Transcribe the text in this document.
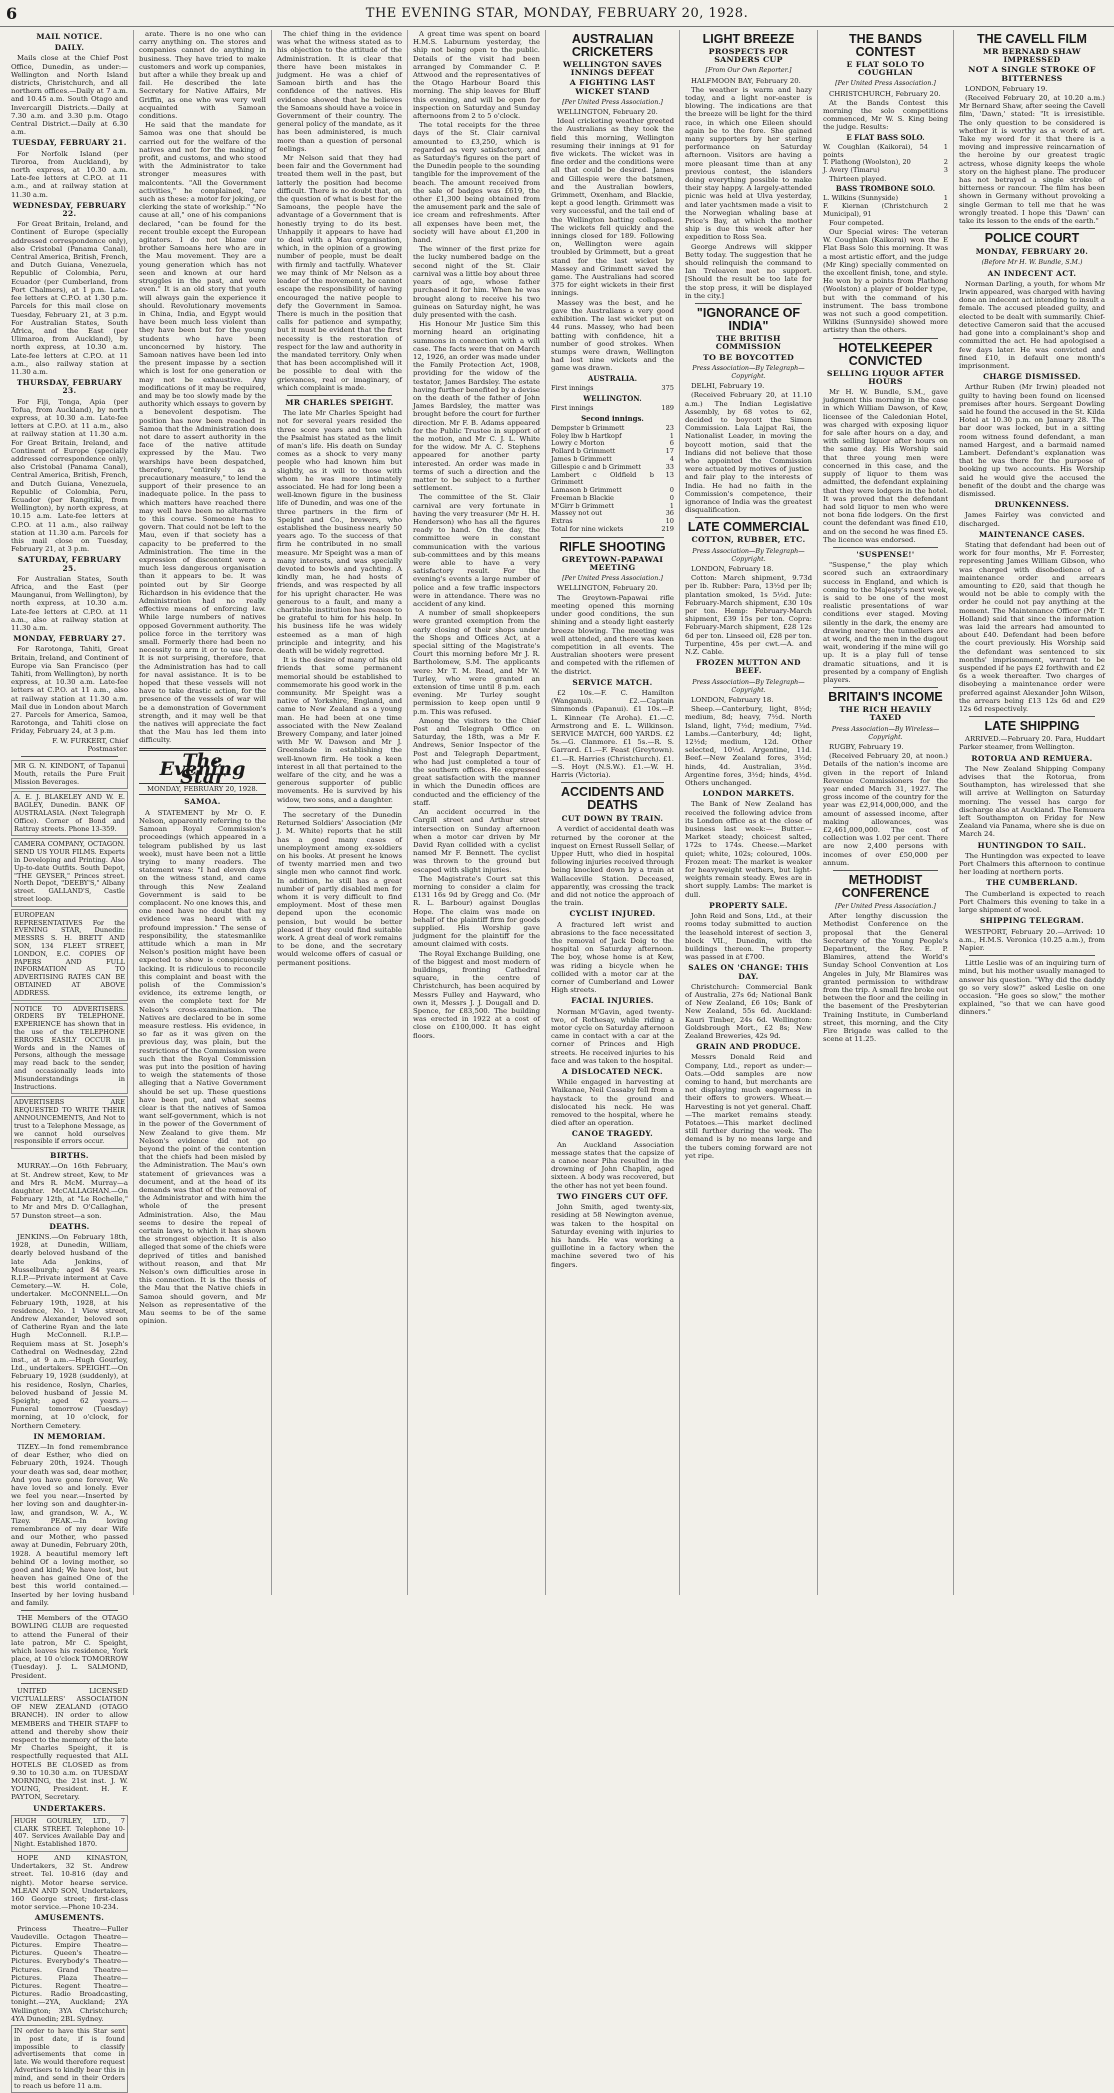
6	THE EVENING STAR, MONDAY, FEBRUARY 20, 1928.
MAIL NOTICE.
DAILY.

Mails close at the Chief Post Office, Dunedin, as under:— Wellington and North Island districts, Christchurch, and all northern offices.—Daily at 7 a.m. and 10.45 a.m. South Otago and Invercargill Districts.—Daily at 7.30 a.m. and 3.30 p.m. Otago Central District.—Daily at 6.30 a.m.

TUESDAY, FEBRUARY 21.

For Norfolk Island (per Tiroroa, from Auckland), by north express, at 10.30 a.m. Late-fee letters at C.P.O. at 11 a.m., and at railway station at 11.30 a.m.

WEDNESDAY, FEBRUARY 22.

For Great Britain, Ireland, and Continent of Europe (specially addressed correspondence only), also Cristobal (Panama Canal), Central America, British, French, and Dutch Guiana, Venezuela, Republic of Colombia, Peru, Ecuador (per Cumberland, from Port Chalmers), at 1 p.m. Late-fee letters at C.P.O. at 1.30 p.m. Parcels for this mail close on Tuesday, February 21, at 3 p.m. For Australian States, South Africa, and the East (per Ulimaroa, from Auckland), by north express, at 10.30 a.m. Late-fee letters at C.P.O. at 11 a.m., also railway station at 11.30 a.m.

THURSDAY, FEBRUARY 23.

For Fiji, Tonga, Apia (per Tofua, from Auckland), by north express, at 10.30 a.m. Late-fee letters at C.P.O. at 11 a.m., also at railway station at 11.30 a.m. For Great Britain, Ireland, and Continent of Europe (specially addressed correspondence only), also Cristobal (Panama Canal), Central America, British, French, and Dutch Guiana, Venezuela, Republic of Colombia, Peru, Ecuador (per Rangitiki, from Wellington), by north express, at 10.15 a.m. Late-fee letters at C.P.O. at 11 a.m., also railway station at 11.30 a.m. Parcels for this mail close on Tuesday, February 21, at 3 p.m.

SATURDAY, FEBRUARY 25.

For Australian States, South Africa, and the East (per Maunganui, from Wellington), by north express, at 10.30 a.m. Late-fee letters at C.P.O. at 11 a.m., also at railway station at 11.30 a.m.

MONDAY, FEBRUARY 27.

For Rarotonga, Tahiti, Great Britain, Ireland, and Continent of Europe via San Francisco (per Tahiti, from Wellington), by north express, at 10.30 a.m. Late-fee letters at C.P.O. at 11 a.m., also at railway station at 11.30 a.m. Mail due in London about March 27. Parcels for America, Samoa, Rarotonga, and Tahiti close on Friday, February 24, at 3 p.m.

F. W. FURKERT, Chief Postmaster.

MR G. N. KINDONT, of Tapanui Mouth, retails the Pure Fruit Mission Beverages.
A. E. J. BLAKELEY AND W. E. BAGLEY, Dunedin. BANK OF AUSTRALASIA. (Next Telegraph Office). Corner of Bond and Rattray streets. Phone 13-359.
CAMERA COMPANY, OCTAGON. SEND US YOUR FILMS. Experts in Developing and Printing. Also Up-to-date Outfits. South Depot, "THE GEYSER," Princes street. North Depot, "DEEBY'S," Albany street. GALLAND'S, Castle street loop.
EUROPEAN REPRESENTATIVES For the EVENING STAR, Dunedin: MESSRS S. H. BRETT AND SON, 134 FLEET STREET, LONDON, E.C. COPIES OF PAPERS AND FULL INFORMATION AS TO ADVERTISING RATES CAN BE OBTAINED AT ABOVE ADDRESS.
NOTICE TO ADVERTISERS. ORDERS BY TELEPHONE. EXPERIENCE has shown that in the use of the TELEPHONE ERRORS EASILY OCCUR in Words and in the Names of Persons, although the message may read back to the sender, and occasionally leads into Misunderstandings in Instructions.
ADVERTISERS ARE REQUESTED TO WRITE THEIR ANNOUNCEMENTS, And Not to trust to a Telephone Message, as we cannot hold ourselves responsible if errors occur.
BIRTHS.

MURRAY.—On 16th February, at St. Andrew street, Kew, to Mr and Mrs R. McM. Murray—a daughter. McCALLAGHAN.—On February 12th, at "Le Rochelle," to Mr and Mrs D. O'Callaghan, 57 Dunston street—a son.

DEATHS.

JENKINS.—On February 18th, 1928, at Dunedin, William, dearly beloved husband of the late Ada Jenkins, of Musselburgh; aged 84 years. R.I.P.—Private interment at Cave Cemetery.—W. H. Cole, undertaker. McCONNELL.—On February 19th, 1928, at his residence, No. 1 View street, Andrew Alexander, beloved son of Catherine Ryan and the late Hugh McConnell. R.I.P.—Requiem mass at St. Joseph's Cathedral on Wednesday, 22nd inst., at 9 a.m.—Hugh Gourley, Ltd., undertakers. SPEIGHT.—On February 19, 1928 (suddenly), at his residence, Roslyn, Charles, beloved husband of Jessie M. Speight; aged 62 years.—Funeral tomorrow (Tuesday) morning, at 10 o'clock, for Northern Cemetery.

IN MEMORIAM.

TIZEY.—In fond remembrance of dear Esther, who died on February 20th, 1924. Though your death was sad, dear mother, And you have gone forever, We have loved so and lonely. Ever we feel you near.—Inserted by her loving son and daughter-in-law, and grandson, W. A., W. Tizey. PEAK.—In loving remembrance of my dear Wife and our Mother, who passed away at Dunedin, February 20th, 1928. A beautiful memory left behind Of a loving mother, so good and kind; We have lost, but heaven has gained One of the best this world contained.—Inserted by her loving husband and family.

THE Members of the OTAGO BOWLING CLUB are requested to attend the Funeral of their late patron, Mr C. Speight, which leaves his residence, York place, at 10 o'clock TOMORROW (Tuesday). J. L. SALMOND, President.

UNITED LICENSED VICTUALLERS' ASSOCIATION OF NEW ZEALAND (OTAGO BRANCH). IN order to allow MEMBERS and THEIR STAFF to attend and thereby show their respect to the memory of the late Mr Charles Speight, it is respectfully requested that ALL HOTELS BE CLOSED as from 9.30 to 10.30 a.m. on TUESDAY MORNING, the 21st inst. J. W. YOUNG, President. H. F. PAYTON, Secretary.

UNDERTAKERS.
HUGH GOURLEY, LTD., 7 CLARK STREET. Telephone 10-407. Services Available Day and Night. Established 1870.

HOPE AND KINASTON, Undertakers, 32 St. Andrew street. Tel. 10-816 (day and night). Motor hearse service. MLEAN AND SON, Undertakers, 160 George street; first-class motor service.—Phone 10-234.

AMUSEMENTS.

Princess Theatre—Fuller Vaudeville. Octagon Theatre—Pictures. Empire Theatre—Pictures. Queen's Theatre—Pictures. Everybody's Theatre—Pictures. Grand Theatre—Pictures. Plaza Theatre—Pictures. Regent Theatre—Pictures. Radio Broadcasting, tonight.—2YA, Auckland; 2YA Wellington; 3YA Christchurch; 4YA Dunedin; 2BL Sydney.

IN order to have this Star sent in post date, if is found impossible to classify advertisements that come in late. We would therefore request Advertisers to kindly bear this in mind, and send in their Orders to reach us before 11 a.m.

arate. There is no one who can carry anything on. The stores and companies cannot do anything in business. They have tried to make customers and work up companies, but after a while they break up and fail. He described the late Secretary for Native Affairs, Mr Griffin, as one who was very well acquainted with Samoan conditions.

He said that the mandate for Samoa was one that should be carried out for the welfare of the natives and not for the making of profit, and customs, and who stood with the Administrator to take stronger measures with malcontents. "All the Government activities," he complained, "are such as these: a motor for joking, or clerking the state of workship." "No cause at all," one of his companions declared, "can be found for the recent trouble except the European agitators. I do not blame our brother Samoans here who are in the Mau movement. They are a young generation which has not seen and known at our hard struggles in the past, and were even." It is an old story that youth will always gain the experience it should. Revolutionary movements in China, India, and Egypt would have been much less violent than they have been but for the young students who have been unconcerned by history. The Samoan natives have been led into the present impasse by a section which is lost for one generation or may not be exhaustive. Any modifications of it may be required, and may be too slowly made by the authority which essays to govern by a benevolent despotism. The position has now been reached in Samoa that the Administration does not dare to assert authority in the face of the native attitude expressed by the Mau. Two warships have been despatched, therefore, "entirely as a precautionary measure," to lend the support of their presence to an inadequate police. In the pass to which matters have reached there may well have been no alternative to this course. Someone has to govern. That could not be left to the Mau, even if that society has a capacity to be preferred to the Administration. The time in the expression of discontent were a much less dangerous organisation than it appears to be. It was pointed out by Sir George Richardson in his evidence that the Administration had no really effective means of enforcing law. While large numbers of natives opposed Government authority. The police force in the territory was small. Formerly there had been no necessity to arm it or to use force. It is not surprising, therefore, that the Administration has had to call for naval assistance. It is to be hoped that these vessels will not have to take drastic action, for the presence of the vessels of war will be a demonstration of Government strength, and it may well be that the natives will appreciate the fact that the Mau has led them into difficulty.

The Evening Star
MONDAY, FEBRUARY 20, 1928.
SAMOA.

A STATEMENT by Mr O. F. Nelson, apparently referring to the Samoan Royal Commission's proceedings (which appeared in a telegram published by us last week), must have been not a little trying to many readers. The statement was: "I had eleven days on the witness stand, and came through this New Zealand Government is said to be complacent. No one knows this, and one need have no doubt that my evidence was heard with a profound impression." The sense of responsibility, the statesmanlike attitude which a man in Mr Nelson's position might have been expected to show is conspicuously lacking. It is ridiculous to reconcile this complaint and boast with the polish of the Commission's evidence, its extreme length, or even the complete text for Mr Nelson's cross-examination. The Natives are declared to be in some measure restless. His evidence, in so far as it was given on the previous day, was plain, but the restrictions of the Commission were such that the Royal Commission was put into the position of having to weigh the statements of those alleging that a Native Government should be set up. These questions have been put, and what seems clear is that the natives of Samoa want self-government, which is not in the power of the Government of New Zealand to give them. Mr Nelson's evidence did not go beyond the point of the contention that the chiefs had been misled by the Administration. The Mau's own statement of grievances was a document, and at the head of its demands was that of the removal of the Administrator and with him the whole of the present Administration. Also, the Mau seems to desire the repeal of certain laws, to which it has shown the strongest objection. It is also alleged that some of the chiefs were deprived of titles and banished without reason, and that Mr Nelson's own difficulties arose in this connection. It is the thesis of the Mau that the Native chiefs in Samoa should govern, and Mr Nelson as representative of the Mau seems to be of the same opinion.

The chief thing in the evidence was what the witness stated as to his objection to the attitude of the Administration. It is clear that there have been mistakes in judgment. He was a chief of Samoan birth and has the confidence of the natives. His evidence showed that he believes the Samoans should have a voice in Government of their country. The general policy of the mandate, as it has been administered, is much more than a question of personal feelings.

Mr Nelson said that they had been fair and the Government had treated them well in the past, but latterly the position had become difficult. There is no doubt that, on the question of what is best for the Samoans, the people have the advantage of a Government that is honestly trying to do its best. Unhappily it appears to have had to deal with a Mau organisation, which, in the opinion of a growing number of people, must be dealt with firmly and tactfully. Whatever we may think of Mr Nelson as a leader of the movement, he cannot escape the responsibility of having encouraged the native people to defy the Government in Samoa. There is much in the position that calls for patience and sympathy, but it must be evident that the first necessity is the restoration of respect for the law and authority in the mandated territory. Only when that has been accomplished will it be possible to deal with the grievances, real or imaginary, of which complaint is made.

MR CHARLES SPEIGHT.

The late Mr Charles Speight had not for several years resided the three score years and ten which the Psalmist has stated as the limit of man's life. His death on Sunday comes as a shock to very many people who had known him but slightly, as it will to those with whom he was more intimately associated. He had for long been a well-known figure in the business life of Dunedin, and was one of the three partners in the firm of Speight and Co., brewers, who established the business nearly 50 years ago. To the success of that firm he contributed in no small measure. Mr Speight was a man of many interests, and was specially devoted to bowls and yachting. A kindly man, he had hosts of friends, and was respected by all for his upright character. He was generous to a fault, and many a charitable institution has reason to be grateful to him for his help. In his business life he was widely esteemed as a man of high principle and integrity, and his death will be widely regretted.

It is the desire of many of his old friends that some permanent memorial should be established to commemorate his good work in the community. Mr Speight was a native of Yorkshire, England, and came to New Zealand as a young man. He had been at one time associated with the New Zealand Brewery Company, and later joined with Mr W. Dawson and Mr J. Greenslade in establishing the well-known firm. He took a keen interest in all that pertained to the welfare of the city, and he was a generous supporter of public movements. He is survived by his widow, two sons, and a daughter.

The secretary of the Dunedin Returned Soldiers' Association (Mr J. M. White) reports that he still has a good many cases of unemployment among ex-soldiers on his books. At present he knows of twenty married men and two single men who cannot find work. In addition, he still has a great number of partly disabled men for whom it is very difficult to find employment. Most of these men depend upon the economic pension, but would be better pleased if they could find suitable work. A great deal of work remains to be done, and the secretary would welcome offers of casual or permanent positions.

A great time was spent on board H.M.S. Laburnum yesterday, the ship not being open to the public. Details of the visit had been arranged by Commander C. P. Attwood and the representatives of the Otago Harbour Board this morning. The ship leaves for Bluff this evening, and will be open for inspection on Saturday and Sunday afternoons from 2 to 5 o'clock.

The total receipts for the three days of the St. Clair carnival amounted to £3,250, which is regarded as very satisfactory, and as Saturday's figures on the part of the Dunedin people to the sounding tangible for the improvement of the beach. The amount received from the sale of badges was £619, the other £1,300 being obtained from the amusement park and the sale of ice cream and refreshments. After all expenses have been met, the society will have about £1,200 in hand.

The winner of the first prize for the lucky numbered badge on the second night of the St. Clair carnival was a little boy about three years of age, whose father purchased it for him. When he was brought along to receive his two guineas on Saturday night, he was duly presented with the cash.

His Honour Mr Justice Sim this morning heard an originating summons in connection with a will case. The facts were that on March 12, 1926, an order was made under the Family Protection Act, 1908, providing for the widow of the testator, James Bardsley. The estate having further benefited by a devise on the death of the father of John James Bardsley, the matter was brought before the court for further direction. Mr F. B. Adams appeared for the Public Trustee in support of the motion, and Mr C. J. L. White for the widow. Mr A. C. Stephens appeared for another party interested. An order was made in terms of such a direction and the matter to be subject to a further settlement.

The committee of the St. Clair carnival are very fortunate in having the very treasurer (Mr H. H. Henderson) who has all the figures ready to hand. On the day, the committee were in constant communication with the various sub-committees and by this means were able to have a very satisfactory result. For the evening's events a large number of police and a few traffic inspectors were in attendance. There was no accident of any kind.

A number of small shopkeepers were granted exemption from the early closing of their shops under the Shops and Offices Act, at a special sitting of the Magistrate's Court this morning before Mr J. R. Bartholomew, S.M. The applicants were: Mr T. M. Read, and Mr W. Turley, who were granted an extension of time until 8 p.m. each evening. Mr Turley sought permission to keep open until 9 p.m. This was refused.

Among the visitors to the Chief Post and Telegraph Office on Saturday, the 18th, was a Mr F. Andrews, Senior Inspector of the Post and Telegraph Department, who had just completed a tour of the southern offices. He expressed great satisfaction with the manner in which the Dunedin offices are conducted and the efficiency of the staff.

An accident occurred in the Cargill street and Arthur street intersection on Sunday afternoon when a motor car driven by Mr David Ryan collided with a cyclist named Mr F. Bennett. The cyclist was thrown to the ground but escaped with slight injuries.

The Magistrate's Court sat this morning to consider a claim for £131 16s 9d by Gregg and Co. (Mr R. L. Barbour) against Douglas Hope. The claim was made on behalf of the plaintiff firm for goods supplied. His Worship gave judgment for the plaintiff for the amount claimed with costs.

The Royal Exchange Building, one of the biggest and most modern of buildings, fronting Cathedral square, in the centre of Christchurch, has been acquired by Messrs Fulley and Hayward, who own it, Messrs J. J. Dougall and D. Spence, for £83,500. The building was erected in 1922 at a cost of close on £100,000. It has eight floors.

AUSTRALIAN CRICKETERS
WELLINGTON SAVES INNINGS DEFEAT
A FIGHTING LAST WICKET STAND
[Per United Press Association.]

WELLINGTON, February 20.

Ideal cricketing weather greeted the Australians as they took the field this morning, Wellington resuming their innings at 91 for five wickets. The wicket was in fine order and the conditions were all that could be desired. James and Gillespie were the batsmen, and the Australian bowlers, Grimmett, Oxenham, and Blackie, kept a good length. Grimmett was very successful, and the tail end of the Wellington batting collapsed. The wickets fell quickly and the innings closed for 189. Following on, Wellington were again troubled by Grimmett, but a great stand for the last wicket by Massey and Grimmett saved the game. The Australians had scored 375 for eight wickets in their first innings.

Massey was the best, and he gave the Australians a very good exhibition. The last wicket put on 44 runs. Massey, who had been batting with confidence, hit a number of good strokes. When stumps were drawn, Wellington had lost nine wickets and the game was drawn.

AUSTRALIA.
First innings	375
WELLINGTON.
First innings	189
Second innings.
Dempster b Grimmett	23
Foley lbw b Hartkopf	1
Lowry c Morton	6
Pollard b Grimmett	17
James b Grimmett	4
Gillespie c and b Grimmett	33
Lambert c Oldfield b Grimmett
13
Lamason b Grimmett	0
Freeman b Blackie	0
M'Girr b Grimmett	1
Massey not out	36
Extras	10
Total for nine wickets	219
RIFLE SHOOTING
GREYTOWN-PAPAWAI MEETING
[Per United Press Association.]

WELLINGTON, February 20.

The Greytown-Papawai rifle meeting opened this morning under good conditions, the sun shining and a steady light easterly breeze blowing. The meeting was well attended, and there was keen competition in all events. The Australian shooters were present and competed with the riflemen of the district.

SERVICE MATCH.

£2 10s.—F. C. Hamilton (Wanganui). £2.—Captain Simmonds (Papanui). £1 10s.—P. L. Kinnear (Te Aroha). £1.—C. Armstrong and E. L. Wilkinson. SERVICE MATCH, 600 YARDS. £2 5s.—G. Clanmore. £1 5s.—R. S. Garrard. £1.—F. Feast (Greytown). £1.—R. Harries (Christchurch). £1.—S. Hoyt (N.S.W.). £1.—W. H. Harris (Victoria).

ACCIDENTS AND DEATHS
CUT DOWN BY TRAIN.

A verdict of accidental death was returned by the coroner at the inquest on Ernest Russell Sellar, of Upper Hutt, who died in hospital following injuries received through being knocked down by a train at Wallaceville Station. Deceased, apparently, was crossing the track and did not notice the approach of the train.

CYCLIST INJURED.

A fractured left wrist and abrasions to the face necessitated the removal of Jack Doig to the hospital on Saturday afternoon. The boy, whose home is at Kew, was riding a bicycle when he collided with a motor car at the corner of Cumberland and Lower High streets.

FACIAL INJURIES.

Norman M'Gavin, aged twenty-two, of Rothesay, while riding a motor cycle on Saturday afternoon came in contact with a car at the corner of Princes and High streets. He received injuries to his face and was taken to the hospital.

A DISLOCATED NECK.

While engaged in harvesting at Waikanae, Neil Cassaby fell from a haystack to the ground and dislocated his neck. He was removed to the hospital, where he died after an operation.

CANOE TRAGEDY.

An Auckland Association message states that the capsize of a canoe near Piha resulted in the drowning of John Chaplin, aged sixteen. A body was recovered, but the other has not yet been found.

TWO FINGERS CUT OFF.

John Smith, aged twenty-six, residing at 58 Newington avenue, was taken to the hospital on Saturday evening with injuries to his hands. He was working a guillotine in a factory when the machine severed two of his fingers.

LIGHT BREEZE
PROSPECTS FOR SANDERS CUP
[From Our Own Reporter.]

HALFMOON BAY, February 20.

The weather is warm and hazy today, and a light nor-easter is blowing. The indications are that the breeze will be light for the third race, in which one Eileen should again be to the fore. She gained many supporters by her sterling performance on Saturday afternoon. Visitors are having a more pleasant time than at any previous contest, the islanders doing everything possible to make their stay happy. A largely-attended picnic was held at Ulva yesterday, and later yachtsmen made a visit to the Norwegian whaling base at Price's Bay, at which the mother ship is due this week after her expedition to Ross Sea.

George Andrews will skipper Betty today. The suggestion that he should relinquish the command to Ian Treleaven met no support. [Should the result be too late for the stop press, it will be displayed in the city.]

"IGNORANCE OF INDIA"
THE BRITISH COMMISSION
TO BE BOYCOTTED
Press Association—By Telegraph—Copyright.

DELHI, February 19.

(Received February 20, at 11.10 a.m.) The Indian Legislative Assembly, by 68 votes to 62, decided to boycott the Simon Commission. Lala Lajpat Rai, the Nationalist Leader, in moving the boycott motion, said that the Indians did not believe that those who appointed the Commission were actuated by motives of justice and fair play to the interests of India. He had no faith in the Commission's competence, their ignorance of India was the greatest disqualification.

LATE COMMERCIAL
COTTON, RUBBER, ETC.
Press Association—By Telegraph—Copyright.

LONDON, February 18.

Cotton: March shipment, 9.73d per lb. Rubber: Para, 13½d per lb; plantation smoked, 1s 5½d. Jute: February-March shipment, £30 10s per ton. Hemp: February-March shipment, £39 15s per ton. Copra: February-March shipment, £28 12s 6d per ton. Linseed oil, £28 per ton. Turpentine, 45s per cwt.—A. and N.Z. Cable.

FROZEN MUTTON AND BEEF.
Press Association—By Telegraph—Copyright.

LONDON, February 18.

Sheep.—Canterbury, light, 8½d; medium, 8d; heavy, 7½d. North Island, light, 7½d; medium, 7¼d. Lambs.—Canterbury, 4d; light, 12½d; medium, 12d. Other selected, 10½d. Argentine, 11d. Beef.—New Zealand fores, 3½d; hinds, 4d. Australian, 3½d. Argentine fores, 3½d; hinds, 4½d. Others unchanged.

LONDON MARKETS.

The Bank of New Zealand has received the following advice from its London office as at the close of business last week:— Butter.—Market steady; choicest salted, 172s to 174s. Cheese.—Market quiet; white, 102s; coloured, 100s. Frozen meat: The market is weaker for heavyweight wethers, but light-weights remain steady. Ewes are in short supply. Lambs: The market is dull.

PROPERTY SALE.

John Reid and Sons, Ltd., at their rooms today submitted to auction the leasehold interest of section 3, block VII., Dunedin, with the buildings thereon. The property was passed in at £700.

SALES ON 'CHANGE: THIS DAY.

Christchurch: Commercial Bank of Australia, 27s 6d; National Bank of New Zealand, £6 10s; Bank of New Zealand, 55s 6d. Auckland: Kauri Timber, 24s 6d. Wellington: Goldsbrough Mort., £2 8s; New Zealand Breweries, 42s 9d.

GRAIN AND PRODUCE.

Messrs Donald Reid and Company, Ltd., report as under:— Oats.—Odd samples are now coming to hand, but merchants are not displaying much eagerness in their offers to growers. Wheat.—Harvesting is not yet general. Chaff.—The market remains steady. Potatoes.—This market declined still further during the week. The demand is by no means large and the tubers coming forward are not yet ripe.

THE BANDS CONTEST
E FLAT SOLO TO COUGHLAN
[Per United Press Association.]

CHRISTCHURCH, February 20.

At the Bands Contest this morning the solo competitions commenced, Mr W. S. King being the judge. Results:

E FLAT BASS SOLO.
W. Coughlan (Kaikorai), 54 points
1
T. Plathong (Woolston), 20	2
J. Avery (Timaru)	3

Thirteen played.

BASS TROMBONE SOLO.
L. Wilkins (Sunnyside)	1
F. Kiernan (Christchurch Municipal), 91
2

Four competed.

Our Special wires: The veteran W. Coughlan (Kaikorai) won the E Flat Bass Solo this morning. It was a most artistic effort, and the judge (Mr King) specially commented on the excellent finish, tone, and style. He won by a points from Plathong (Woolston) a player of bolder type, but with the command of his instrument. The bass trombone was not such a good competition. Wilkins (Sunnyside) showed more artistry than the others.

HOTELKEEPER CONVICTED
SELLING LIQUOR AFTER HOURS

Mr H. W. Bundle, S.M., gave judgment this morning in the case in which William Dawson, of Kew, licensee of the Caledonian Hotel, was charged with exposing liquor for sale after hours on a day, and with selling liquor after hours on the same day. His Worship said that three young men were concerned in this case, and the supply of liquor to them was admitted, the defendant explaining that they were lodgers in the hotel. It was proved that the defendant had sold liquor to men who were not bona fide lodgers. On the first count the defendant was fined £10, and on the second he was fined £5. The licence was endorsed.

'SUSPENSE!'

"Suspense," the play which scored such an extraordinary success in England, and which is coming to the Majesty's next week, is said to be one of the most realistic presentations of war conditions ever staged. Moving silently in the dark, the enemy are drawing nearer; the tunnellers are at work, and the men in the dugout wait, wondering if the mine will go up. It is a play full of tense dramatic situations, and it is presented by a company of English players.

BRITAIN'S INCOME
THE RICH HEAVILY TAXED
Press Association—By Wireless—Copyright.

RUGBY, February 19.

(Received February 20, at noon.) Details of the nation's income are given in the report of Inland Revenue Commissioners for the year ended March 31, 1927. The gross income of the country for the year was £2,914,000,000, and the amount of assessed income, after making allowances, was £2,461,000,000. The cost of collection was 1.02 per cent. There are now 2,400 persons with incomes of over £50,000 per annum.

METHODIST CONFERENCE
[Per United Press Association.]

After lengthy discussion the Methodist Conference on the proposal that the General Secretary of the Young People's Department, the Rev. E. P. Blamires, attend the World's Sunday School Convention at Los Angeles in July, Mr Blamires was granted permission to withdraw from the trip. A small fire broke out between the floor and the ceiling in the basement of the Presbyterian Training Institute, in Cumberland street, this morning, and the City Fire Brigade was called to the scene at 11.25.

THE CAVELL FILM
MR BERNARD SHAW IMPRESSED
NOT A SINGLE STROKE OF BITTERNESS

LONDON, February 19.

(Received February 20, at 10.20 a.m.) Mr Bernard Shaw, after seeing the Cavell film, 'Dawn,' stated: "It is irresistible. The only question to be considered is whether it is worthy as a work of art. Take my word for it that there is a moving and impressive reincarnation of the heroine by our greatest tragic actress, whose dignity keeps the whole story on the highest plane. The producer has not betrayed a single stroke of bitterness or rancour. The film has been shown in Germany without provoking a single German to tell me that he was wrongly treated. I hope this 'Dawn' can take its lesson to the ends of the earth."

POLICE COURT
MONDAY, FEBRUARY 20.
(Before Mr H. W. Bundle, S.M.)
AN INDECENT ACT.

Norman Darling, a youth, for whom Mr Irwin appeared, was charged with having done an indecent act intending to insult a female. The accused pleaded guilty, and elected to be dealt with summarily. Chief-detective Cameron said that the accused had gone into a complainant's shop and committed the act. He had apologised a few days later. He was convicted and fined £10, in default one month's imprisonment.

CHARGE DISMISSED.

Arthur Ruben (Mr Irwin) pleaded not guilty to having been found on licensed premises after hours. Sergeant Dowling said he found the accused in the St. Kilda Hotel at 10.30 p.m. on January 28. The bar door was locked, but in a sitting room witness found defendant, a man named Hargest, and a barmaid named Lambert. Defendant's explanation was that he was there for the purpose of booking up two accounts. His Worship said he would give the accused the benefit of the doubt and the charge was dismissed.

DRUNKENNESS.

James Fairley was convicted and discharged.

MAINTENANCE CASES.

Stating that defendant had been out of work for four months, Mr F. Forrester, representing James William Gibson, who was charged with disobedience of a maintenance order and arrears amounting to £20, said that though he would not be able to comply with the order he could not pay anything at the moment. The Maintenance Officer (Mr T. Holland) said that since the information was laid the arrears had amounted to about £40. Defendant had been before the court previously. His Worship said the defendant was sentenced to six months' imprisonment, warrant to be suspended if he pays £2 forthwith and £2 6s a week thereafter. Two charges of disobeying a maintenance order were preferred against Alexander John Wilson, the arrears being £13 12s 6d and £29 12s 6d respectively.

LATE SHIPPING

ARRIVED.—February 20. Para, Huddart Parker steamer, from Wellington.

ROTORUA AND REMUERA.

The New Zealand Shipping Company advises that the Rotorua, from Southampton, has wirelessed that she will arrive at Wellington on Saturday morning. The vessel has cargo for discharge also at Auckland. The Remuera left Southampton on Friday for New Zealand via Panama, where she is due on March 24.

HUNTINGDON TO SAIL.

The Huntingdon was expected to leave Port Chalmers this afternoon to continue her loading at northern ports.

THE CUMBERLAND.

The Cumberland is expected to reach Port Chalmers this evening to take in a large shipment of wool.

SHIPPING TELEGRAM.

WESTPORT, February 20.—Arrived: 10 a.m., H.M.S. Veronica (10.25 a.m.), from Napier.

Little Leslie was of an inquiring turn of mind, but his mother usually managed to answer his question. "Why did the daddy go so very slow?" asked Leslie on one occasion. "He goes so slow," the mother explained, "so that we can have good dinners."
